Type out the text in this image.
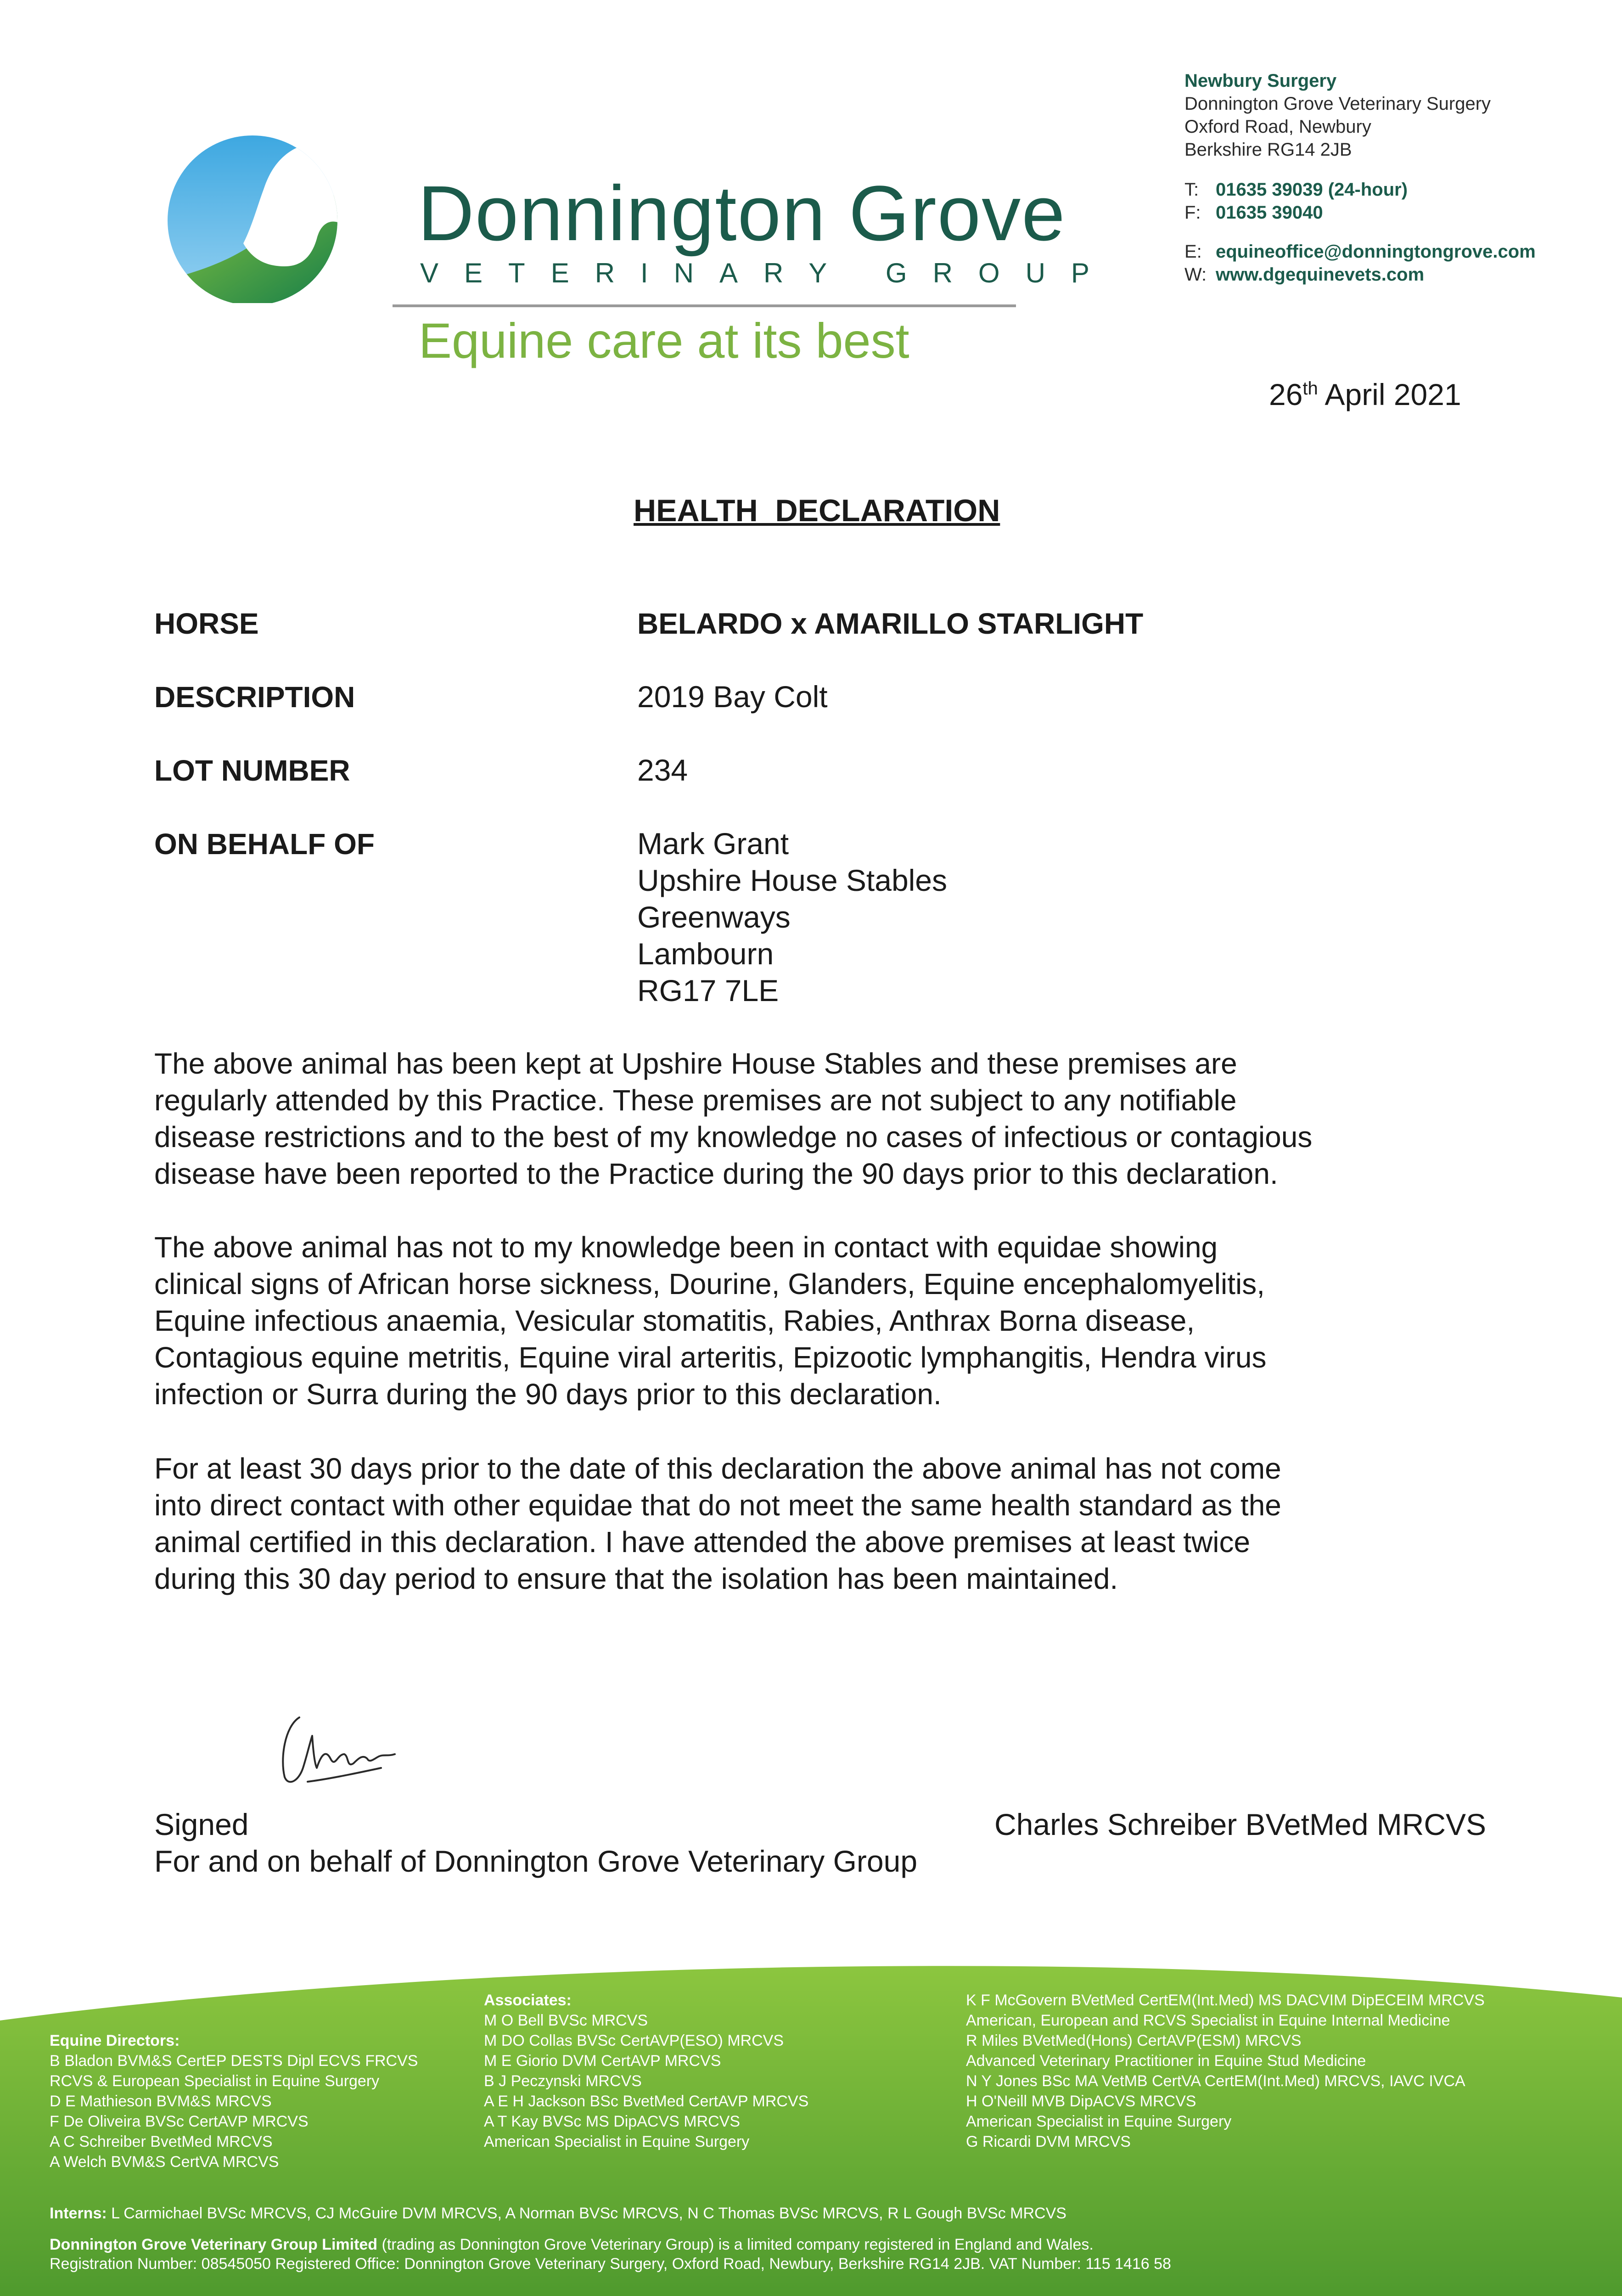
Donnington Grove
VETERINARY GROUP
Equine care at its best
Newbury Surgery
Donnington Grove Veterinary Surgery
Oxford Road, Newbury
Berkshire RG14 2JB
T: 01635 39039 (24-hour)
F: 01635 39040
E: equineoffice@donningtongrove.com
W: www.dgequinevets.com
26th April 2021
HEALTH  DECLARATION
HORSE	BELARDO x AMARILLO STARLIGHT
DESCRIPTION	2019 Bay Colt
LOT NUMBER	234
ON BEHALF OF	Mark Grant
Upshire House Stables
Greenways
Lambourn
RG17 7LE
The above animal has been kept at Upshire House Stables and these premises are
regularly attended by this Practice. These premises are not subject to any notifiable
disease restrictions and to the best of my knowledge no cases of infectious or contagious
disease have been reported to the Practice during the 90 days prior to this declaration.
The above animal has not to my knowledge been in contact with equidae showing
clinical signs of African horse sickness, Dourine, Glanders, Equine encephalomyelitis,
Equine infectious anaemia, Vesicular stomatitis, Rabies, Anthrax Borna disease,
Contagious equine metritis, Equine viral arteritis, Epizootic lymphangitis, Hendra virus
infection or Surra during the 90 days prior to this declaration.
For at least 30 days prior to the date of this declaration the above animal has not come
into direct contact with other equidae that do not meet the same health standard as the
animal certified in this declaration. I have attended the above premises at least twice
during this 30 day period to ensure that the isolation has been maintained.
Signed
For and on behalf of Donnington Grove Veterinary Group
Charles Schreiber BVetMed MRCVS
Equine Directors:
B Bladon BVM&S CertEP DESTS Dipl ECVS FRCVS
RCVS & European Specialist in Equine Surgery
D E Mathieson BVM&S MRCVS
F De Oliveira BVSc CertAVP MRCVS
A C Schreiber BvetMed MRCVS
A Welch BVM&S CertVA MRCVS
Associates:
M O Bell BVSc MRCVS
M DO Collas BVSc CertAVP(ESO) MRCVS
M E Giorio DVM CertAVP MRCVS
B J Peczynski MRCVS
A E H Jackson BSc BvetMed CertAVP MRCVS
A T Kay BVSc MS DipACVS MRCVS
American Specialist in Equine Surgery
K F McGovern BVetMed CertEM(Int.Med) MS DACVIM DipECEIM MRCVS
American, European and RCVS Specialist in Equine Internal Medicine
R Miles BVetMed(Hons) CertAVP(ESM) MRCVS
Advanced Veterinary Practitioner in Equine Stud Medicine
N Y Jones BSc MA VetMB CertVA CertEM(Int.Med) MRCVS, IAVC IVCA
H O'Neill MVB DipACVS MRCVS
American Specialist in Equine Surgery
G Ricardi DVM MRCVS
Interns: L Carmichael BVSc MRCVS, CJ McGuire DVM MRCVS, A Norman BVSc MRCVS, N C Thomas BVSc MRCVS, R L Gough BVSc MRCVS
Donnington Grove Veterinary Group Limited (trading as Donnington Grove Veterinary Group) is a limited company registered in England and Wales.
Registration Number: 08545050 Registered Office: Donnington Grove Veterinary Surgery, Oxford Road, Newbury, Berkshire RG14 2JB. VAT Number: 115 1416 58
